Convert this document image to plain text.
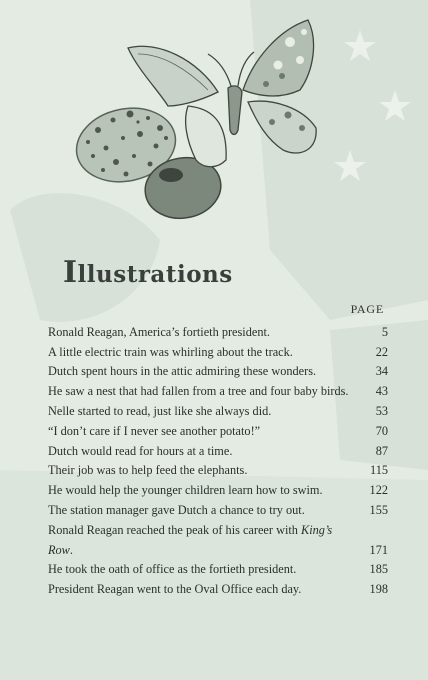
Illustrations
PAGE
Ronald Reagan, America’s fortieth president.	5
A little electric train was whirling about the track.	22
Dutch spent hours in the attic admiring these wonders.	34
He saw a nest that had fallen from a tree and four baby birds.	43
Nelle started to read, just like she always did.	53
“I don’t care if I never see another potato!”	70
Dutch would read for hours at a time.	87
Their job was to help feed the elephants.	115
He would help the younger children learn how to swim.	122
The station manager gave Dutch a chance to try out.	155
Ronald Reagan reached the peak of his career with King’s
Row.	171
He took the oath of office as the fortieth president.	185
President Reagan went to the Oval Office each day.	198
